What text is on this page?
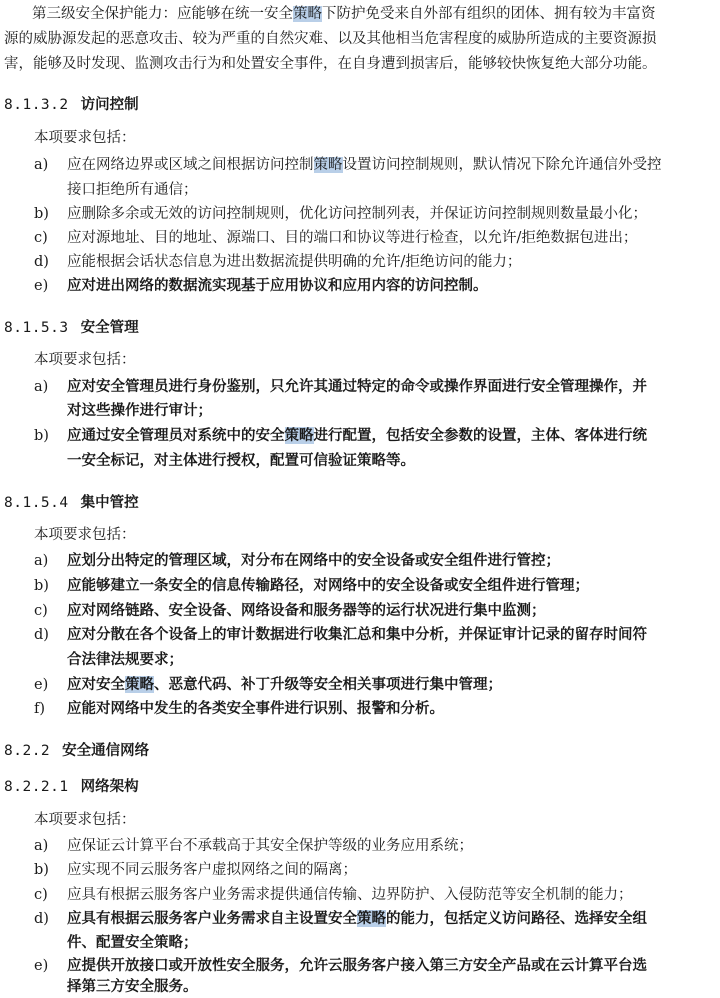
第三级安全保护能力：应能够在统一安全策略下防护免受来自外部有组织的团体、拥有较为丰富资
源的威胁源发起的恶意攻击、较为严重的自然灾难、以及其他相当危害程度的威胁所造成的主要资源损
害，能够及时发现、监测攻击行为和处置安全事件，在自身遭到损害后，能够较快恢复绝大部分功能。
8.1.3.2 访问控制
本项要求包括：
a) 应在网络边界或区域之间根据访问控制策略设置访问控制规则，默认情况下除允许通信外受控
接口拒绝所有通信；
b) 应删除多余或无效的访问控制规则，优化访问控制列表，并保证访问控制规则数量最小化；
c) 应对源地址、目的地址、源端口、目的端口和协议等进行检查，以允许/拒绝数据包进出；
d) 应能根据会话状态信息为进出数据流提供明确的允许/拒绝访问的能力；
e) 应对进出网络的数据流实现基于应用协议和应用内容的访问控制。
8.1.5.3 安全管理
本项要求包括：
a) 应对安全管理员进行身份鉴别，只允许其通过特定的命令或操作界面进行安全管理操作，并
对这些操作进行审计；
b) 应通过安全管理员对系统中的安全策略进行配置，包括安全参数的设置，主体、客体进行统
一安全标记，对主体进行授权，配置可信验证策略等。
8.1.5.4 集中管控
本项要求包括：
a) 应划分出特定的管理区域，对分布在网络中的安全设备或安全组件进行管控；
b) 应能够建立一条安全的信息传输路径，对网络中的安全设备或安全组件进行管理；
c) 应对网络链路、安全设备、网络设备和服务器等的运行状况进行集中监测；
d) 应对分散在各个设备上的审计数据进行收集汇总和集中分析，并保证审计记录的留存时间符
合法律法规要求；
e) 应对安全策略、恶意代码、补丁升级等安全相关事项进行集中管理；
f) 应能对网络中发生的各类安全事件进行识别、报警和分析。
8.2.2 安全通信网络
8.2.2.1 网络架构
本项要求包括：
a) 应保证云计算平台不承载高于其安全保护等级的业务应用系统；
b) 应实现不同云服务客户虚拟网络之间的隔离；
c) 应具有根据云服务客户业务需求提供通信传输、边界防护、入侵防范等安全机制的能力；
d) 应具有根据云服务客户业务需求自主设置安全策略的能力，包括定义访问路径、选择安全组
件、配置安全策略；
e) 应提供开放接口或开放性安全服务，允许云服务客户接入第三方安全产品或在云计算平台选
择第三方安全服务。
